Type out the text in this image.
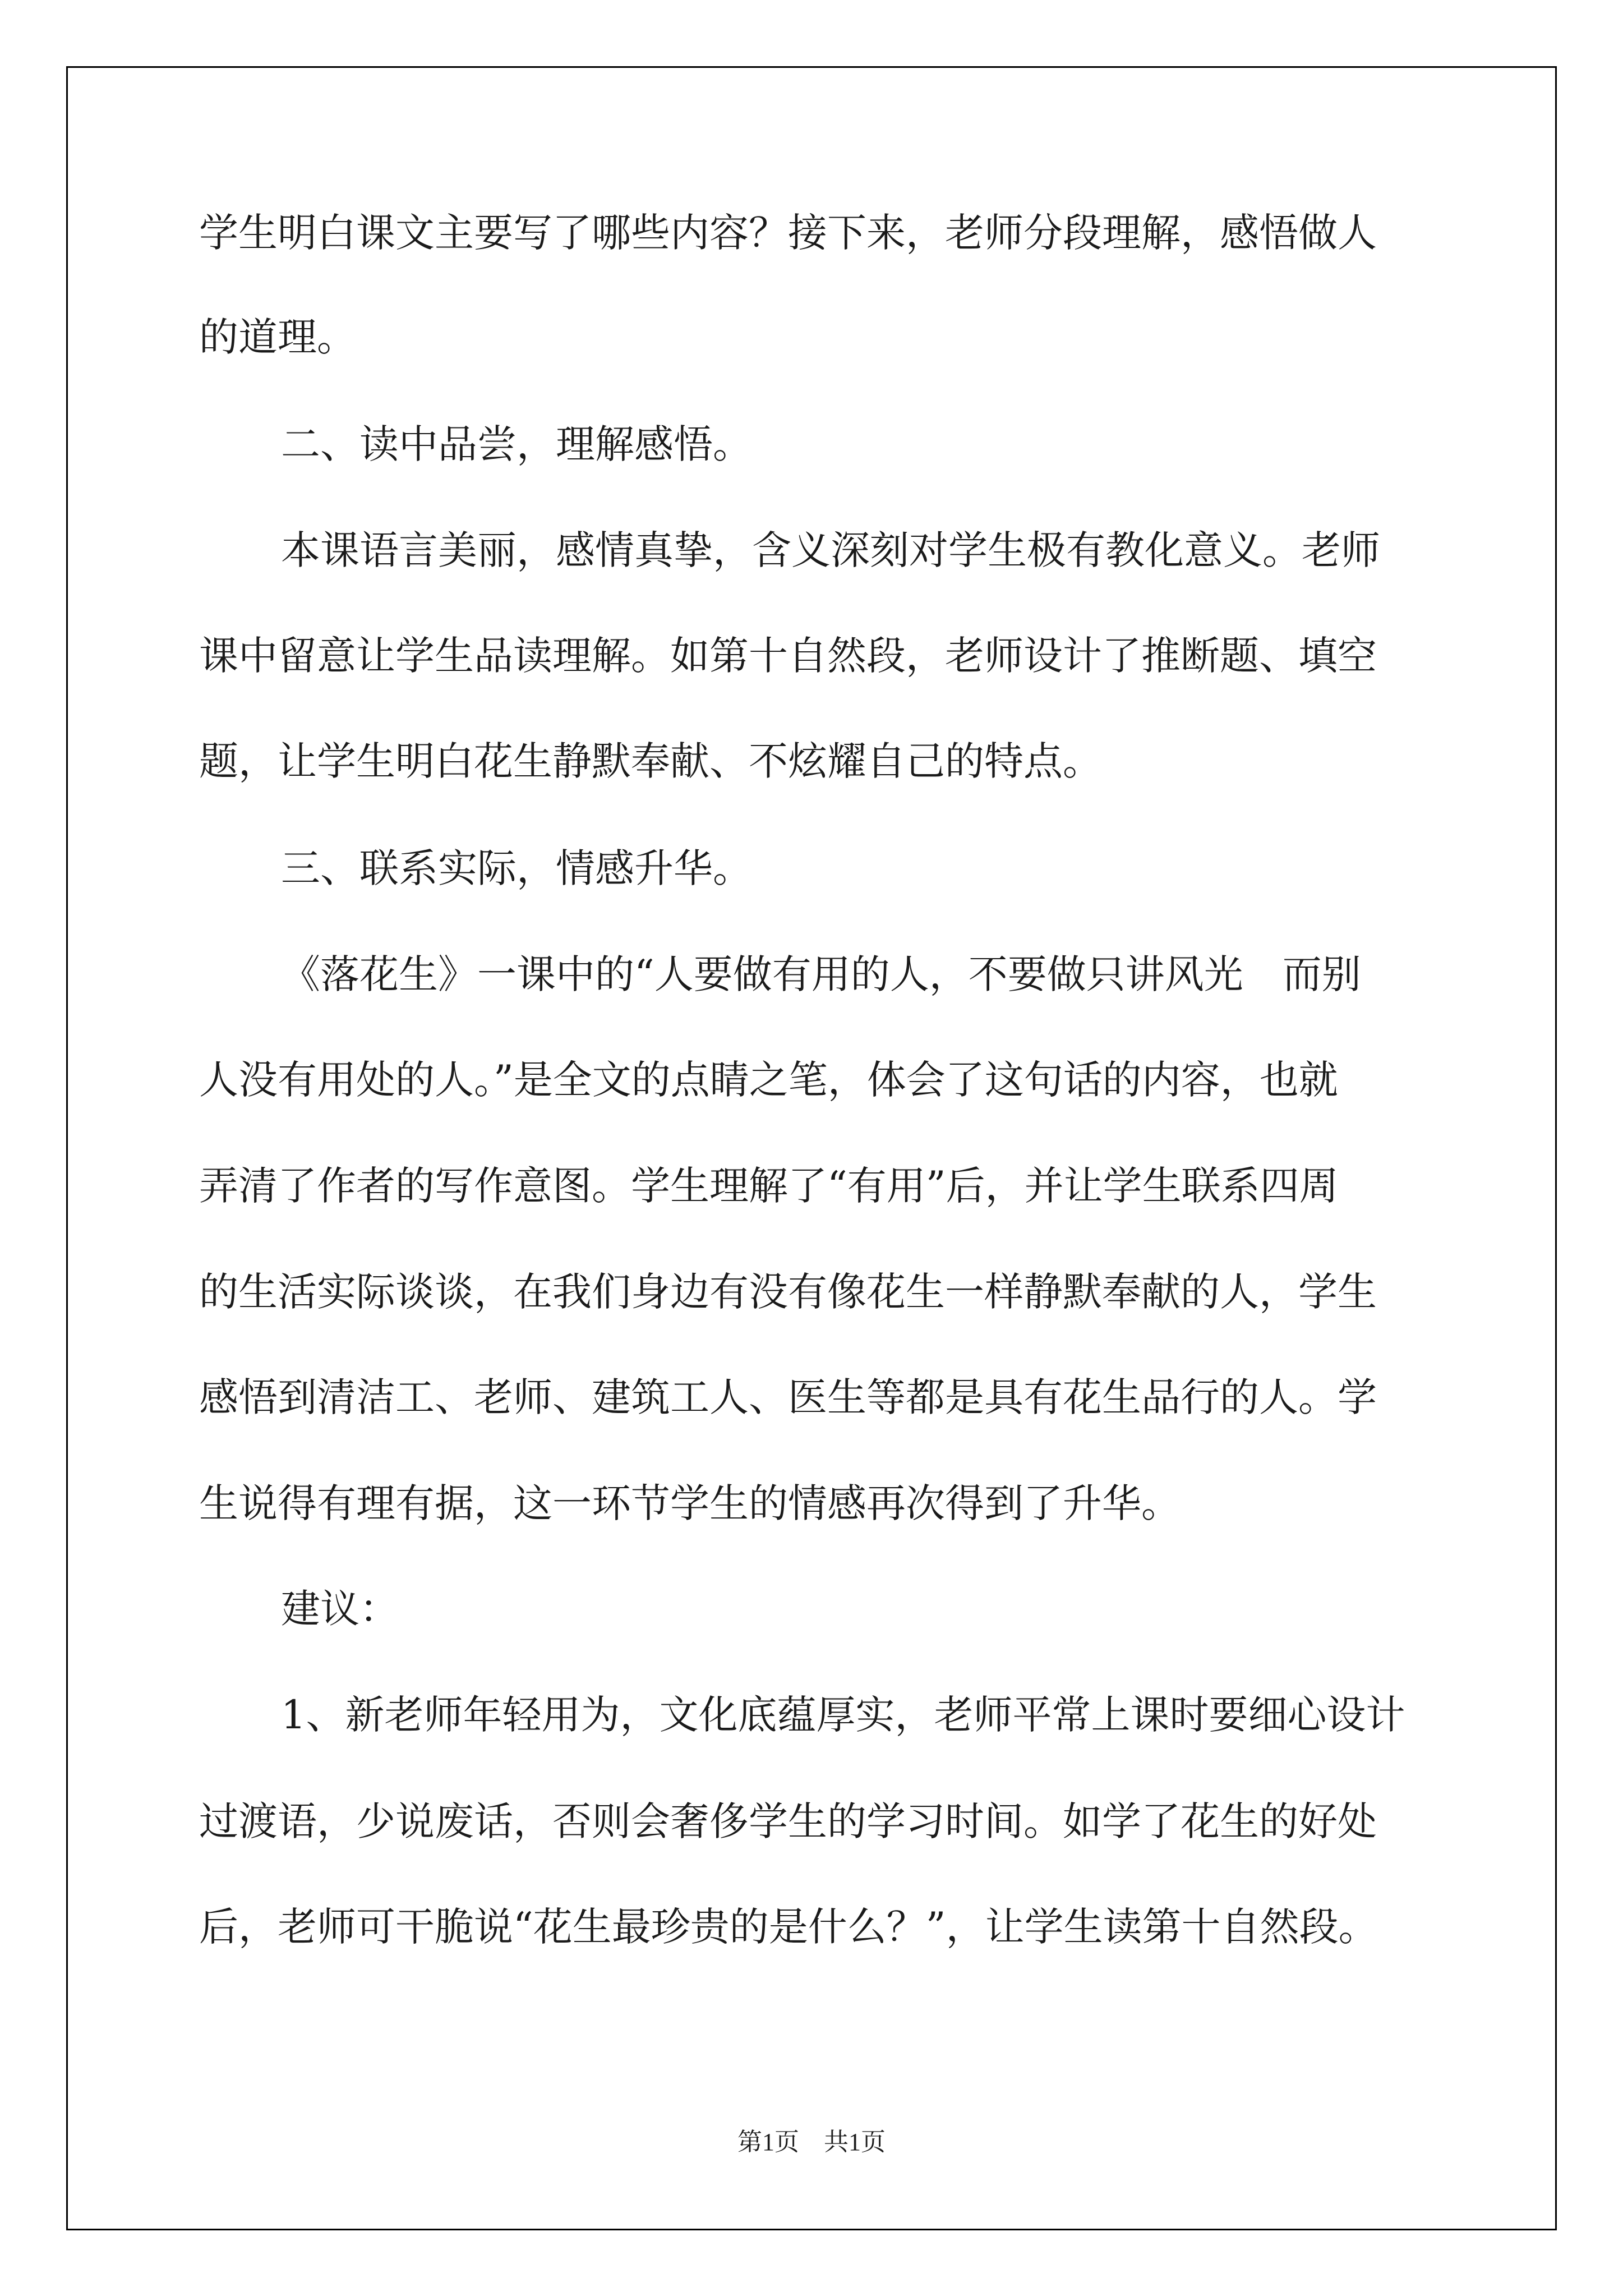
学生明白课文主要写了哪些内容？接下来，老师分段理解，感悟做人
的道理。
二、读中品尝，理解感悟。
本课语言美丽，感情真挚，含义深刻对学生极有教化意义。老师
课中留意让学生品读理解。如第十自然段，老师设计了推断题、填空
题，让学生明白花生静默奉献、不炫耀自己的特点。
三、联系实际，情感升华。
《落花生》一课中的“人要做有用的人，不要做只讲风光　而别
人没有用处的人。”是全文的点睛之笔，体会了这句话的内容，也就
弄清了作者的写作意图。学生理解了“有用”后，并让学生联系四周
的生活实际谈谈，在我们身边有没有像花生一样静默奉献的人，学生
感悟到清洁工、老师、建筑工人、医生等都是具有花生品行的人。学
生说得有理有据，这一环节学生的情感再次得到了升华。
建议：
1、新老师年轻用为，文化底蕴厚实，老师平常上课时要细心设计
过渡语，少说废话，否则会奢侈学生的学习时间。如学了花生的好处
后，老师可干脆说“花生最珍贵的是什么？”，让学生读第十自然段。
第1页　共1页
